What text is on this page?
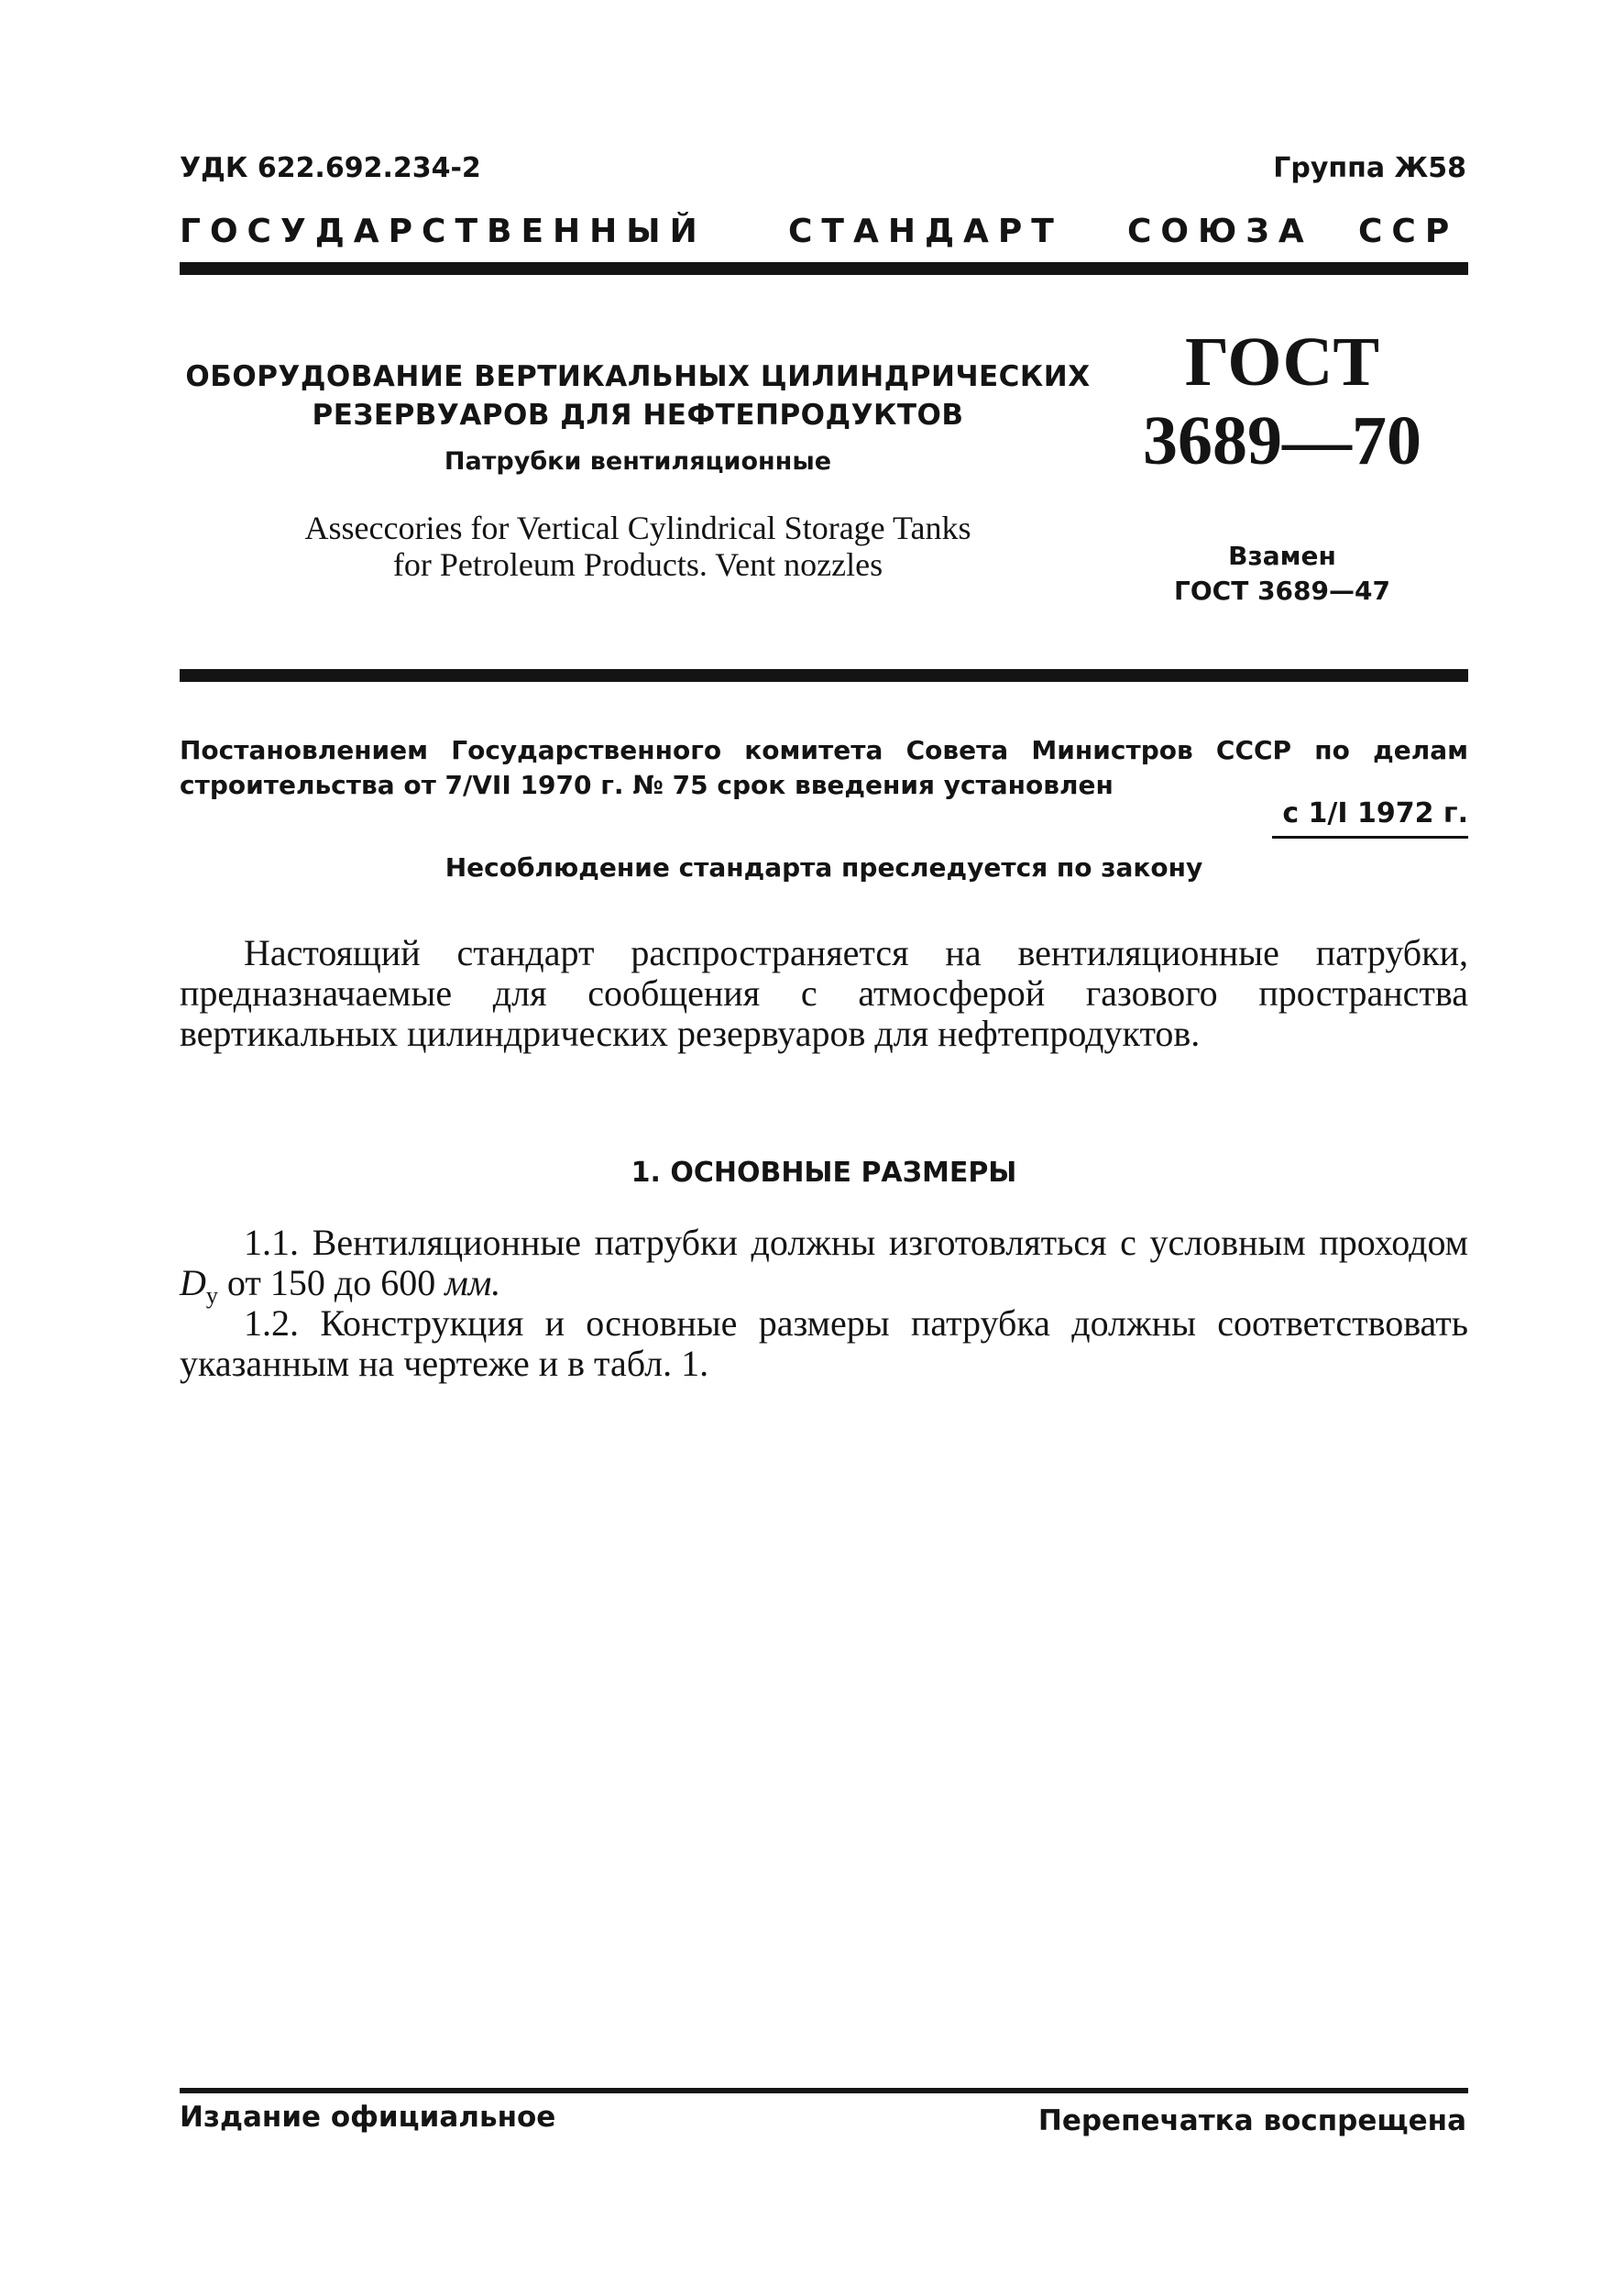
УДК 622.692.234-2	Группа Ж58
ГОСУДАРСТВЕННЫЙ СТАНДАРТ СОЮЗА ССР
ОБОРУДОВАНИЕ ВЕРТИКАЛЬНЫХ ЦИЛИНДРИЧЕСКИХ
РЕЗЕРВУАРОВ ДЛЯ НЕФТЕПРОДУКТОВ
Патрубки вентиляционные
Asseccories for Vertical Cylindrical Storage Tanks
for Petroleum Products. Vent nozzles
ГОСТ
3689—70
Взамен
ГОСТ 3689—47
Постановлением Государственного комитета Совета Министров СССР по делам строительства от 7/VII 1970 г. № 75 срок введения установлен
с 1/I 1972 г.
Несоблюдение стандарта преследуется по закону
Настоящий стандарт распространяется на вентиляционные патрубки, предназначаемые для сообщения с атмосферой газового пространства вертикальных цилиндрических резервуаров для нефтепродуктов.
1. ОСНОВНЫЕ РАЗМЕРЫ
1.1. Вентиляционные патрубки должны изготовляться с условным проходом $D_у$ от 150 до 600 мм.
1.2. Конструкция и основные размеры патрубка должны соответствовать указанным на чертеже и в табл. 1.
Издание официальное	Перепечатка воспрещена
